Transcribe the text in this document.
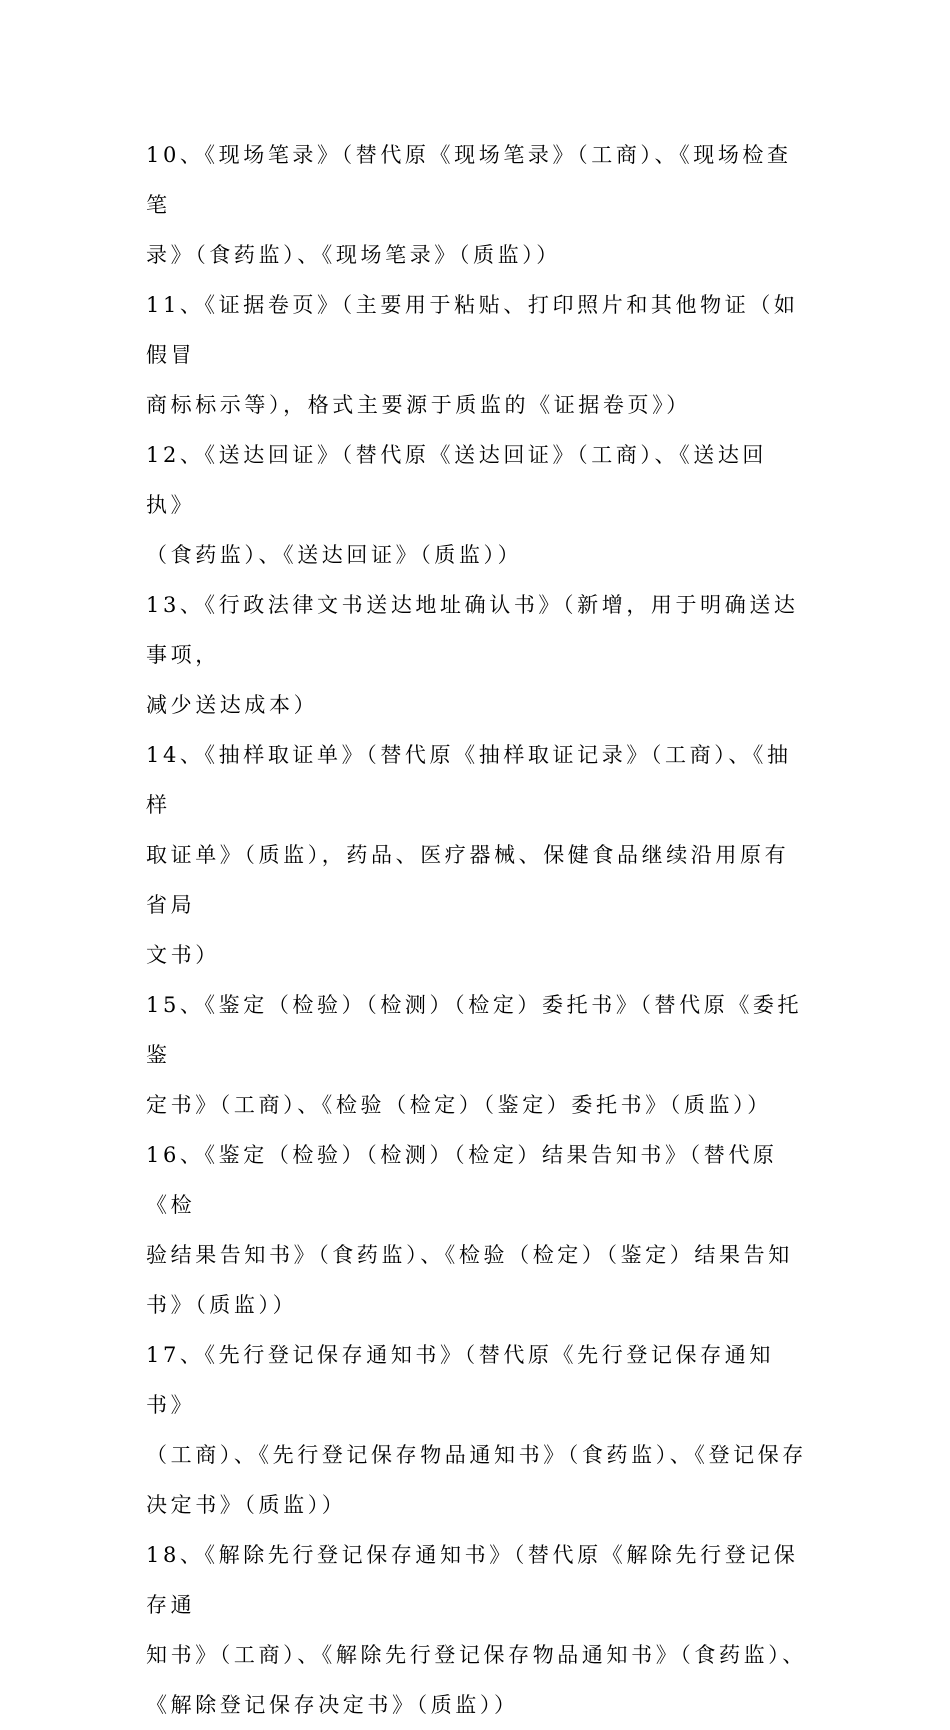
10、《现场笔录》（替代原《现场笔录》（工商）、《现场检查笔
录》（食药监）、《现场笔录》（质监））

11、《证据卷页》（主要用于粘贴、打印照片和其他物证（如假冒
商标标示等），格式主要源于质监的《证据卷页》）

12、《送达回证》（替代原《送达回证》（工商）、《送达回执》
（食药监）、《送达回证》（质监））

13、《行政法律文书送达地址确认书》（新增，用于明确送达事项，
减少送达成本）

14、《抽样取证单》（替代原《抽样取证记录》（工商）、《抽样
取证单》（质监），药品、医疗器械、保健食品继续沿用原有省局
文书）

15、《鉴定（检验）（检测）（检定）委托书》（替代原《委托鉴
定书》（工商）、《检验（检定）（鉴定）委托书》（质监））

16、《鉴定（检验）（检测）（检定）结果告知书》（替代原《检
验结果告知书》（食药监）、《检验（检定）（鉴定）结果告知
书》（质监））

17、《先行登记保存通知书》（替代原《先行登记保存通知书》
（工商）、《先行登记保存物品通知书》（食药监）、《登记保存
决定书》（质监））

18、《解除先行登记保存通知书》（替代原《解除先行登记保存通
知书》（工商）、《解除先行登记保存物品通知书》（食药监）、
《解除登记保存决定书》（质监））
